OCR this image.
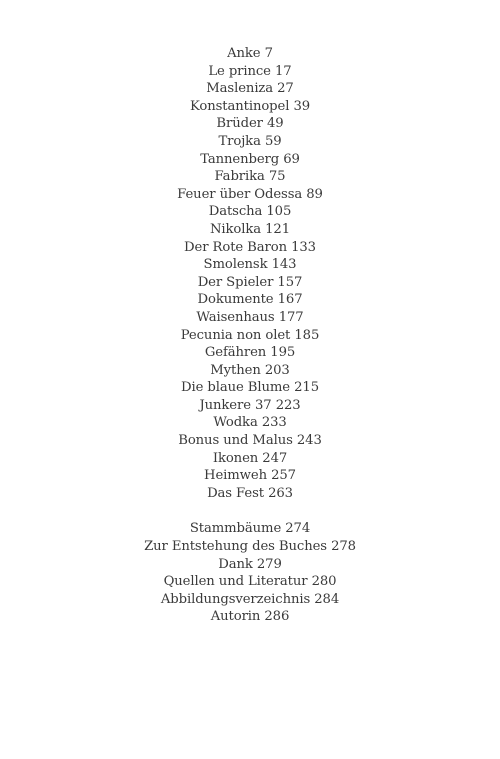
Anke 7
Le prince 17
Masleniza 27
Konstantinopel 39
Brüder 49
Trojka 59
Tannenberg 69
Fabrika 75
Feuer über Odessa 89
Datscha 105
Nikolka 121
Der Rote Baron 133
Smolensk 143
Der Spieler 157
Dokumente 167
Waisenhaus 177
Pecunia non olet 185
Gefähren 195
Mythen 203
Die blaue Blume 215
Junkere 37 223
Wodka 233
Bonus und Malus 243
Ikonen 247
Heimweh 257
Das Fest 263
Stammbäume 274
Zur Entstehung des Buches 278
Dank 279
Quellen und Literatur 280
Abbildungsverzeichnis 284
Autorin 286
